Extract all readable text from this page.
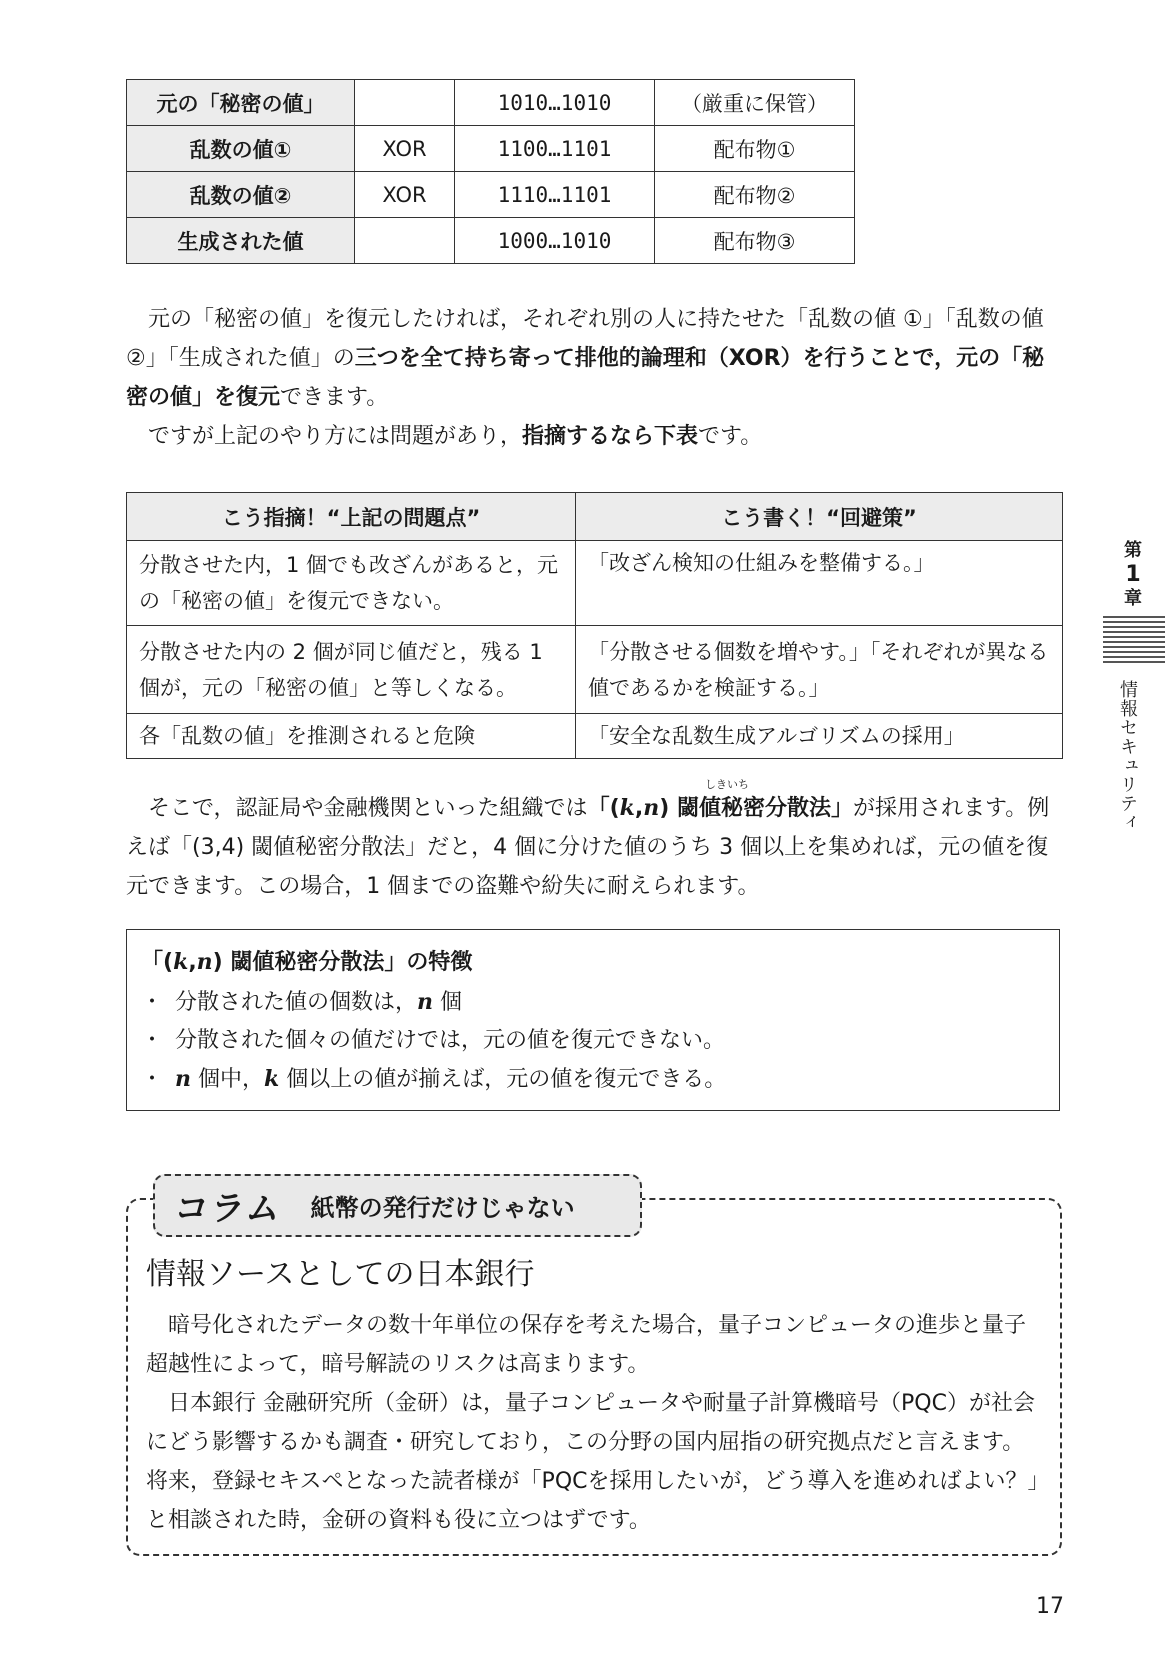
元の「秘密の値」		1010…1010	（厳重に保管）
乱数の値①	XOR	1100…1101	配布物①
乱数の値②	XOR	1110…1101	配布物②
生成された値		1000…1010	配布物③

元の「秘密の値」を復元したければ，それぞれ別の人に持たせた「乱数の値 ①」「乱数の値 ②」「生成された値」の三つを全て持ち寄って排他的論理和（XOR）を行うことで，元の「秘密の値」を復元できます。

ですが上記のやり方には問題があり，指摘するなら下表です。

こう指摘！“上記の問題点”	こう書く！“回避策”
分散させた内，1 個でも改ざんがあると，元の「秘密の値」を復元できない。	「改ざん検知の仕組みを整備する。」
分散させた内の 2 個が同じ値だと，残る 1 個が，元の「秘密の値」と等しくなる。	「分散させる個数を増やす。」「それぞれが異なる値であるかを検証する。」
各「乱数の値」を推測されると危険	「安全な乱数生成アルゴリズムの採用」
しきいち

そこで，認証局や金融機関といった組織では「(k,n) 閾値秘密分散法」が採用されます。例えば「(3,4) 閾値秘密分散法」だと，4 個に分けた値のうち 3 個以上を集めれば，元の値を復元できます。この場合，1 個までの盗難や紛失に耐えられます。

「(k,n) 閾値秘密分散法」の特徴
・ 分散された値の個数は，n 個
・ 分散された個々の値だけでは，元の値を復元できない。
・ n 個中，k 個以上の値が揃えば，元の値を復元できる。
コラム 紙幣の発行だけじゃない
情報ソースとしての日本銀行

暗号化されたデータの数十年単位の保存を考えた場合，量子コンピュータの進歩と量子超越性によって，暗号解読のリスクは高まります。

日本銀行 金融研究所（金研）は，量子コンピュータや耐量子計算機暗号（PQC）が社会にどう影響するかも調査・研究しており，この分野の国内屈指の研究拠点だと言えます。将来，登録セキスペとなった読者様が「PQCを採用したいが，どう導入を進めればよい？」と相談された時，金研の資料も役に立つはずです。

第
1
章
情報セキュリティ
17
